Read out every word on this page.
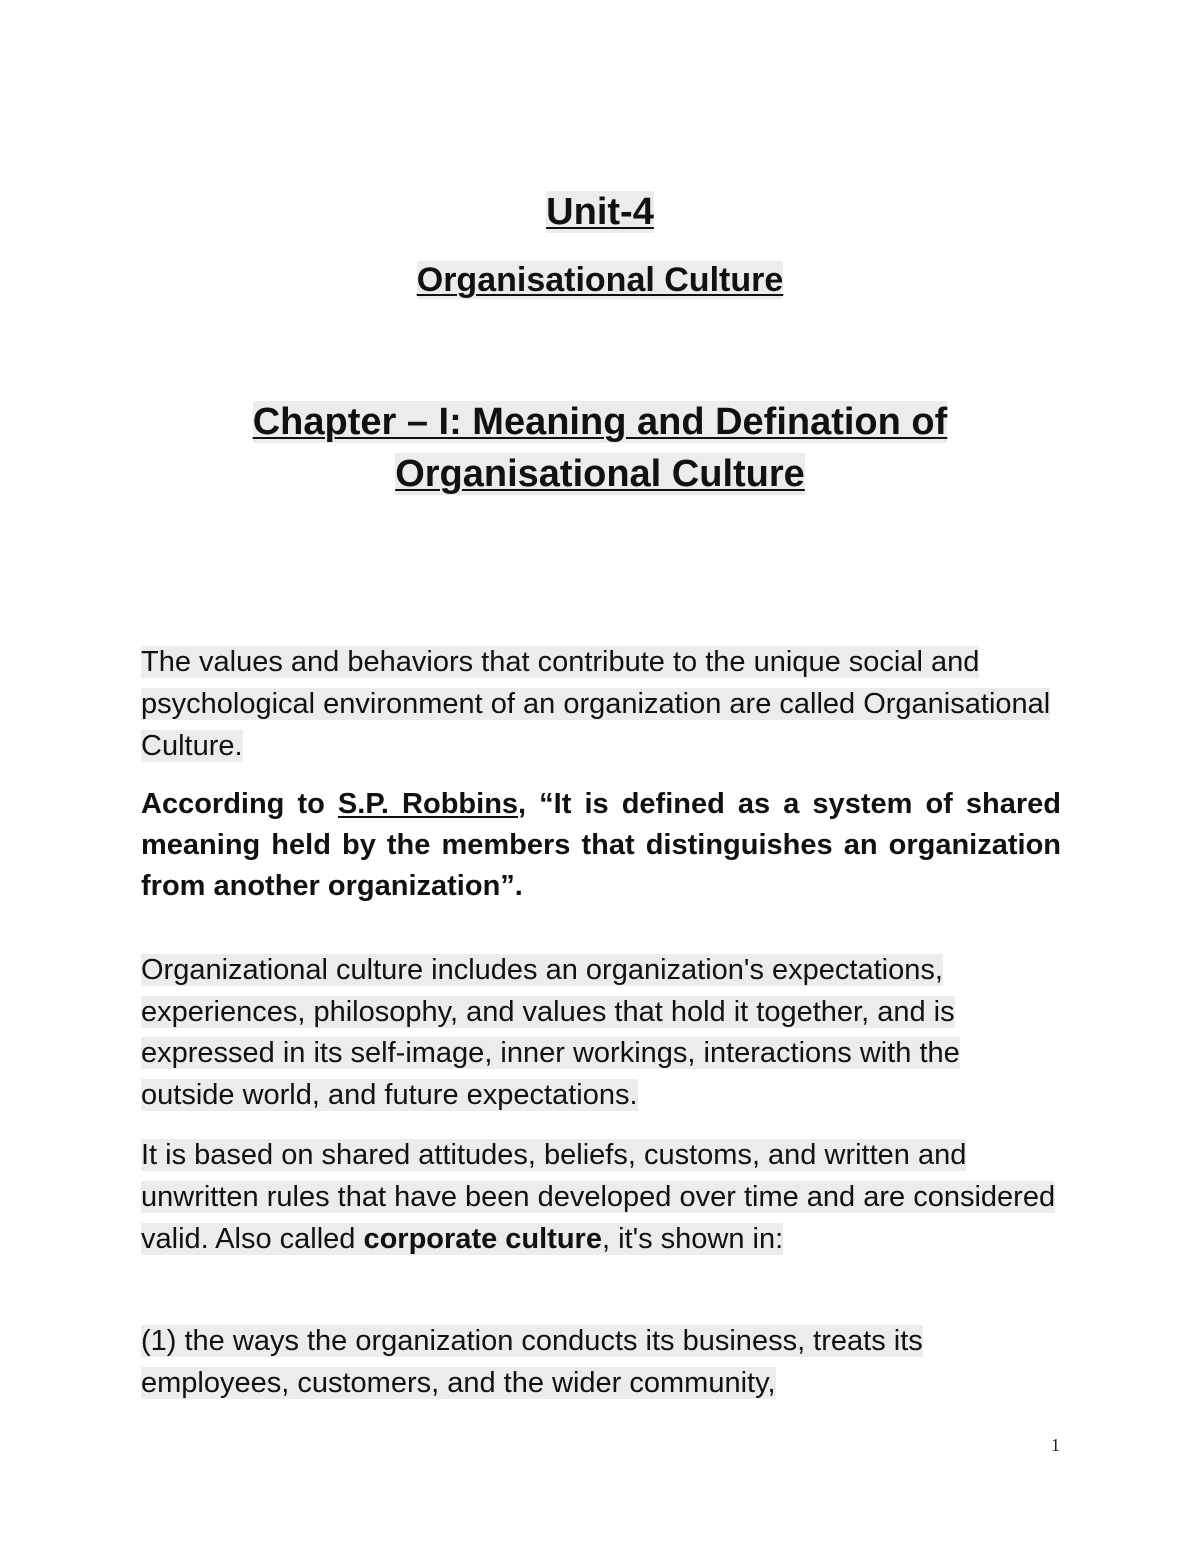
Unit-4
Organisational Culture
Chapter – I: Meaning and Defination of
Organisational Culture

The values and behaviors that contribute to the unique social and psychological environment of an organization are called Organisational Culture.

According to S.P. Robbins, “It is defined as a system of shared meaning held by the members that distinguishes an organization from another organization”.

Organizational culture includes an organization's expectations, experiences, philosophy, and values that hold it together, and is expressed in its self-image, inner workings, interactions with the outside world, and future expectations.

It is based on shared attitudes, beliefs, customs, and written and unwritten rules that have been developed over time and are considered valid. Also called corporate culture, it's shown in:

(1) the ways the organization conducts its business, treats its employees, customers, and the wider community,

1
